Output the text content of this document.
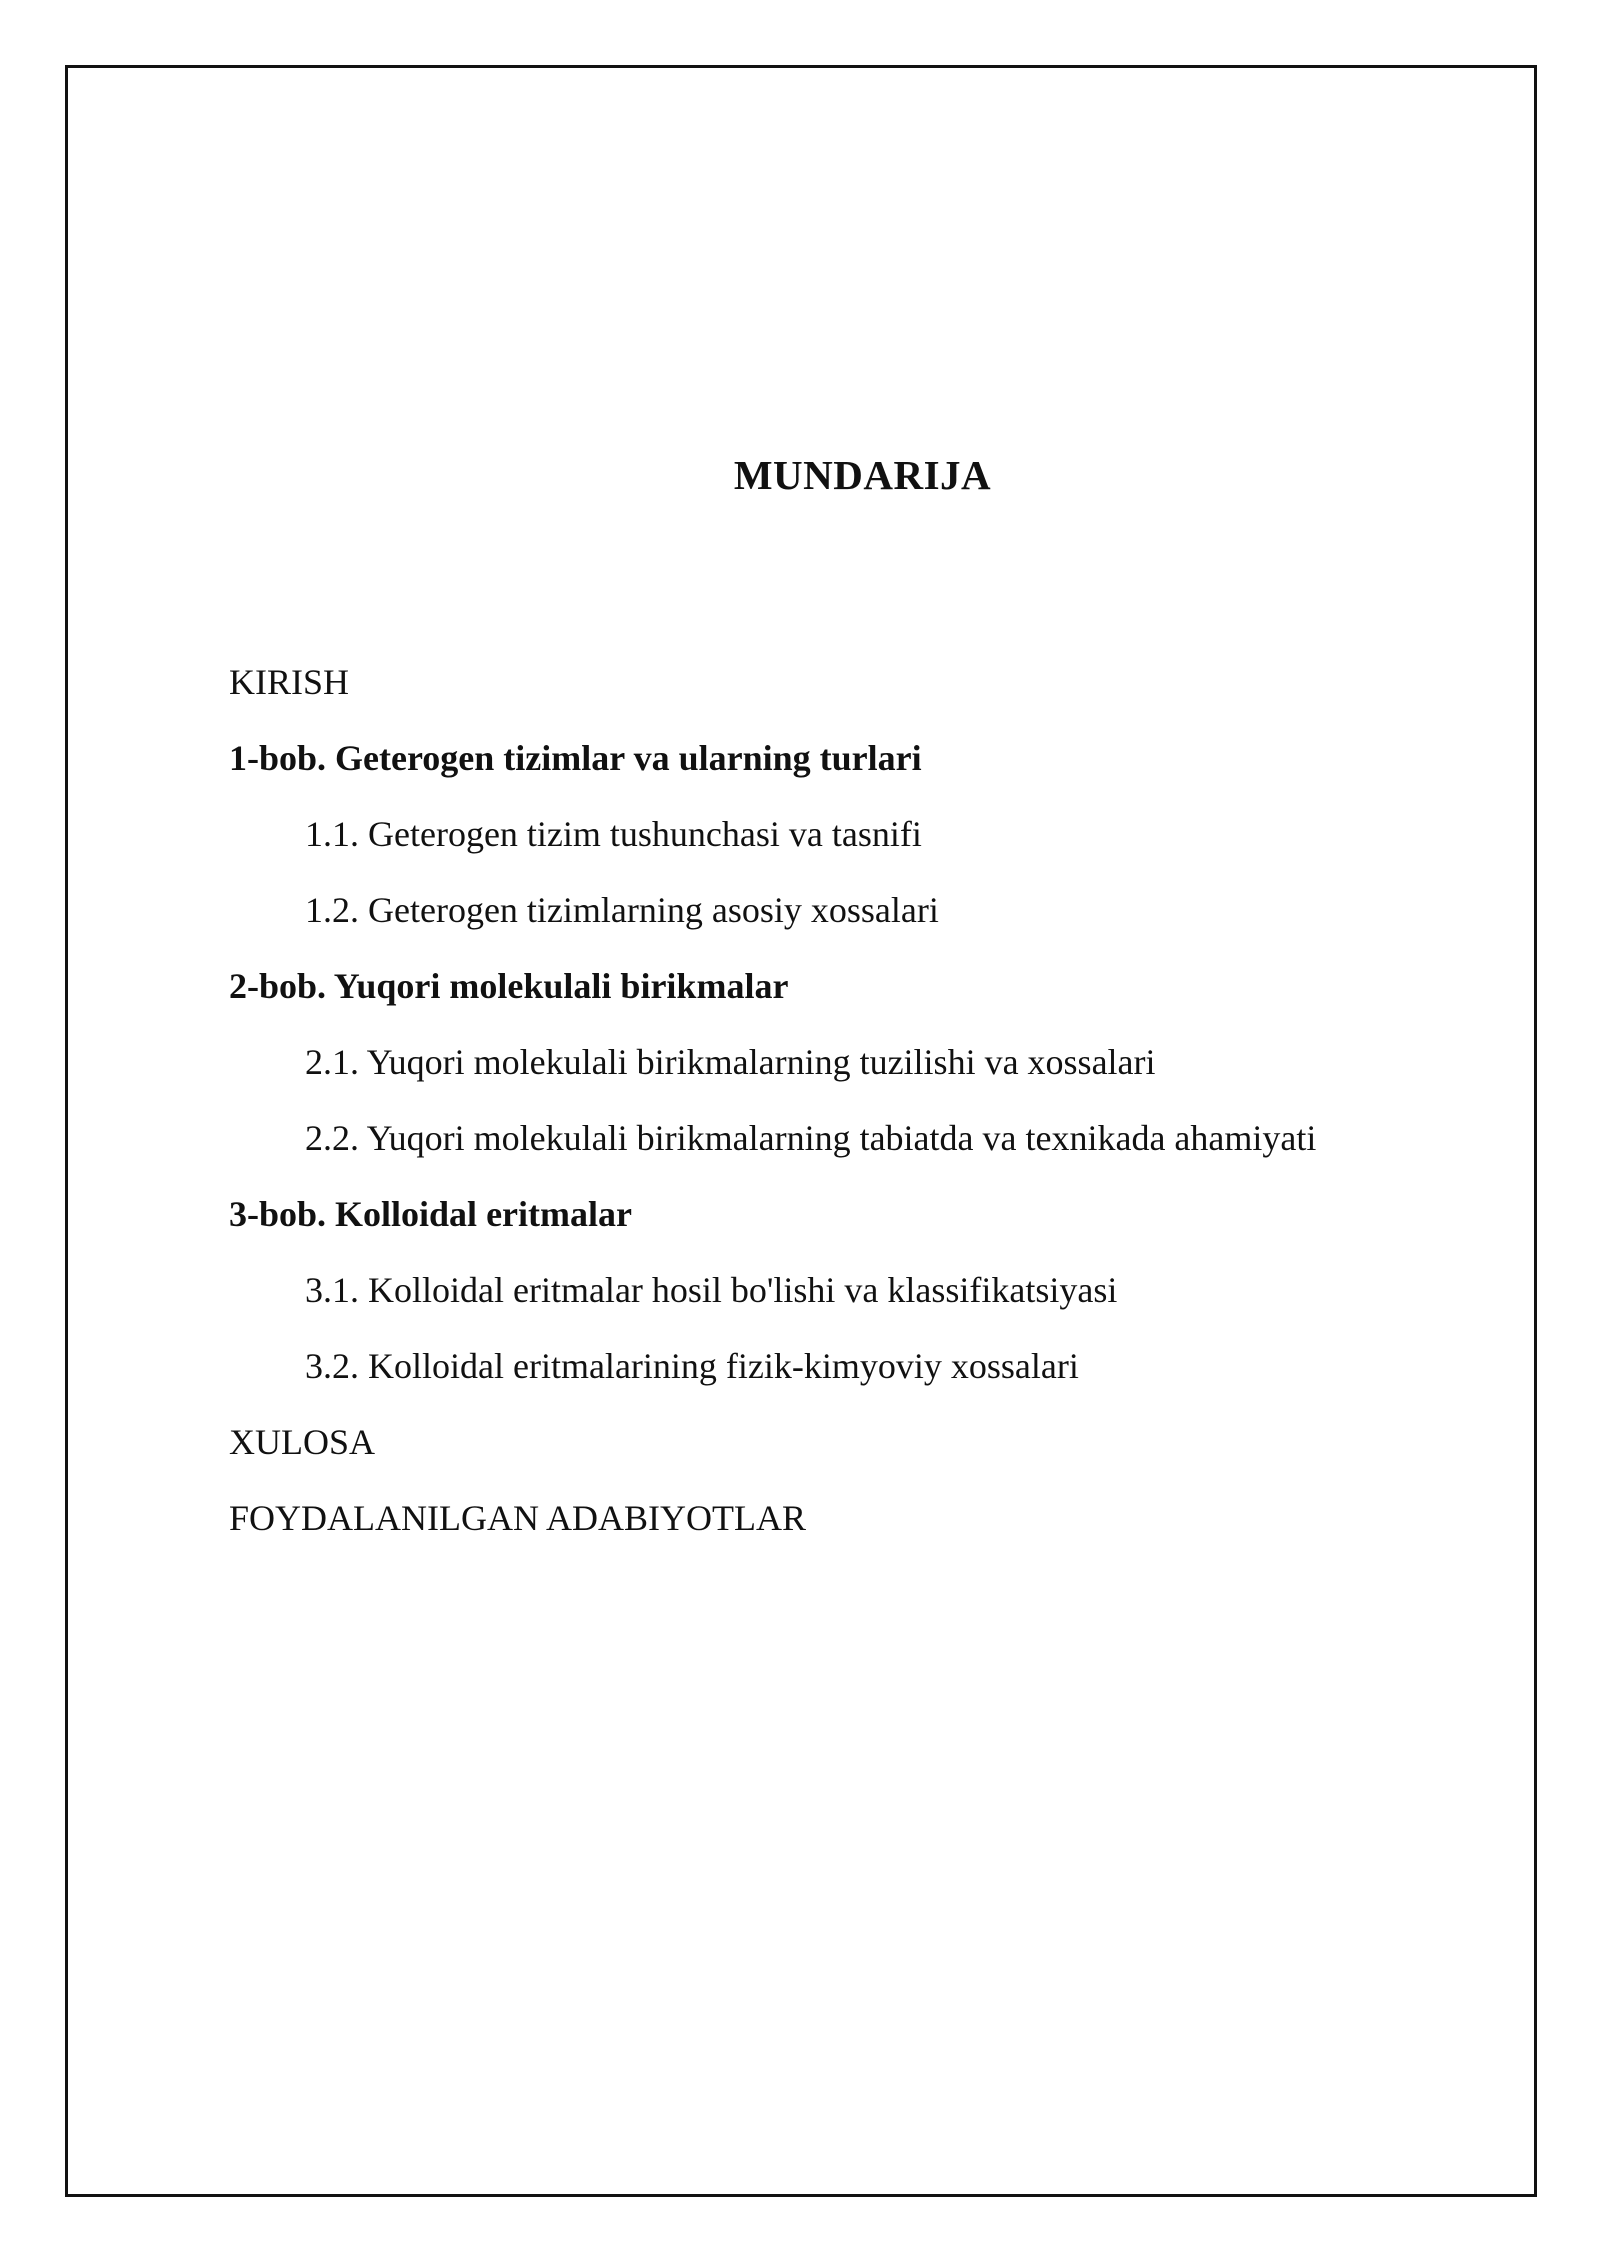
MUNDARIJA
KIRISH
1-bob. Geterogen tizimlar va ularning turlari
1.1. Geterogen tizim tushunchasi va tasnifi
1.2. Geterogen tizimlarning asosiy xossalari
2-bob. Yuqori molekulali birikmalar
2.1. Yuqori molekulali birikmalarning tuzilishi va xossalari
2.2. Yuqori molekulali birikmalarning tabiatda va texnikada ahamiyati
3-bob. Kolloidal eritmalar
3.1. Kolloidal eritmalar hosil bo'lishi va klassifikatsiyasi
3.2. Kolloidal eritmalarining fizik-kimyoviy xossalari
XULOSA
FOYDALANILGAN ADABIYOTLAR
